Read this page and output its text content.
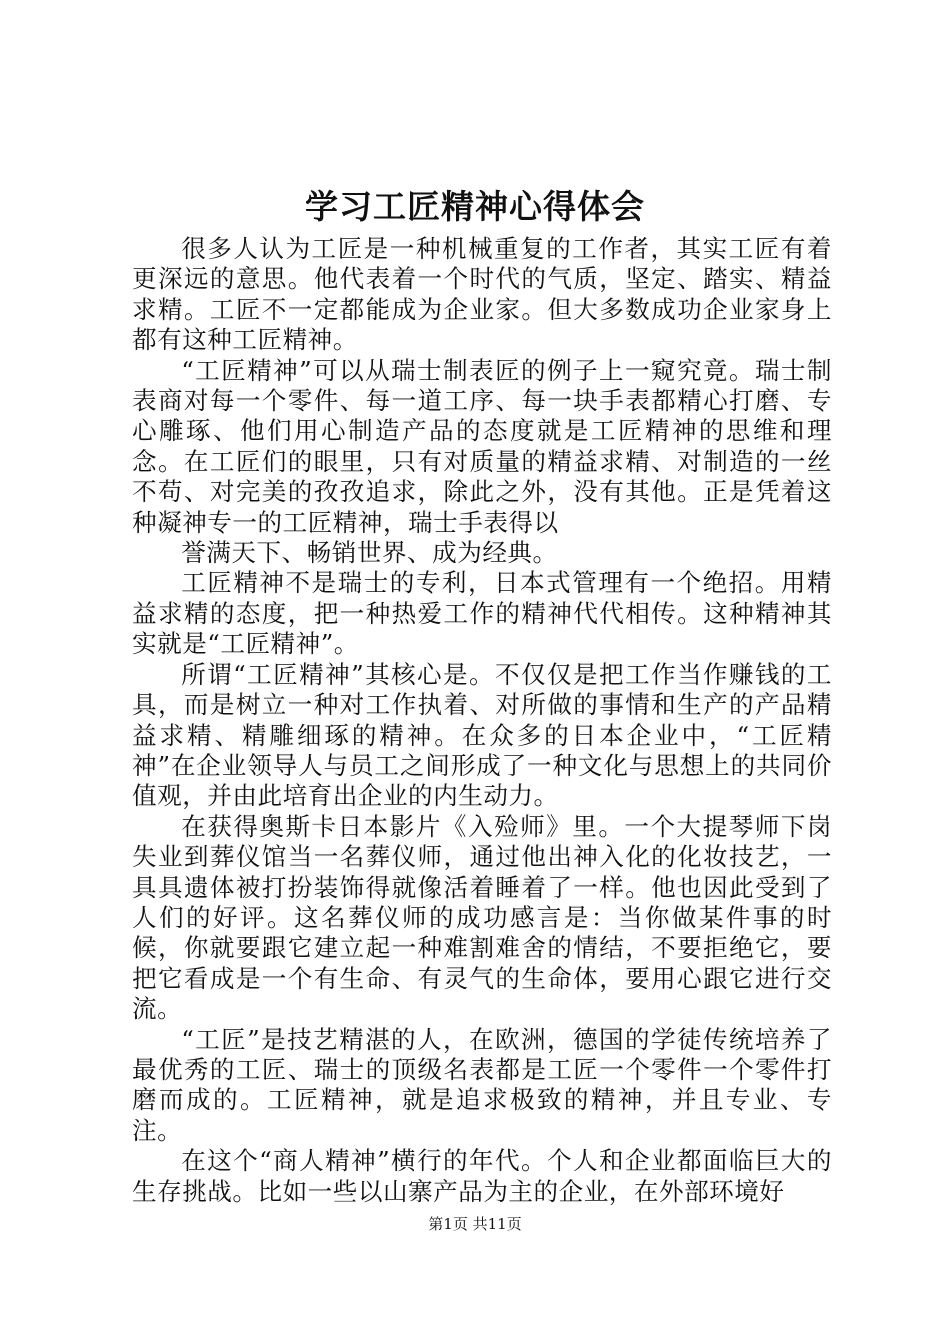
学习工匠精神心得体会

很多人认为工匠是一种机械重复的工作者，其实工匠有着更深远的意思。他代表着一个时代的气质，坚定、踏实、精益求精。工匠不一定都能成为企业家。但大多数成功企业家身上都有这种工匠精神。

“工匠精神”可以从瑞士制表匠的例子上一窥究竟。瑞士制表商对每一个零件、每一道工序、每一块手表都精心打磨、专心雕琢、他们用心制造产品的态度就是工匠精神的思维和理念。在工匠们的眼里，只有对质量的精益求精、对制造的一丝不苟、对完美的孜孜追求，除此之外，没有其他。正是凭着这种凝神专一的工匠精神，瑞士手表得以

誉满天下、畅销世界、成为经典。

工匠精神不是瑞士的专利，日本式管理有一个绝招。用精益求精的态度，把一种热爱工作的精神代代相传。这种精神其实就是“工匠精神”。

所谓“工匠精神”其核心是。不仅仅是把工作当作赚钱的工具，而是树立一种对工作执着、对所做的事情和生产的产品精益求精、精雕细琢的精神。在众多的日本企业中，“工匠精神”在企业领导人与员工之间形成了一种文化与思想上的共同价值观，并由此培育出企业的内生动力。

在获得奥斯卡日本影片《入殓师》里。一个大提琴师下岗失业到葬仪馆当一名葬仪师，通过他出神入化的化妆技艺，一具具遗体被打扮装饰得就像活着睡着了一样。他也因此受到了人们的好评。这名葬仪师的成功感言是：当你做某件事的时候，你就要跟它建立起一种难割难舍的情结，不要拒绝它，要把它看成是一个有生命、有灵气的生命体，要用心跟它进行交流。

“工匠”是技艺精湛的人，在欧洲，德国的学徒传统培养了最优秀的工匠、瑞士的顶级名表都是工匠一个零件一个零件打磨而成的。工匠精神，就是追求极致的精神，并且专业、专注。

在这个“商人精神”横行的年代。个人和企业都面临巨大的生存挑战。比如一些以山寨产品为主的企业，在外部环境好

第1页 共11页
